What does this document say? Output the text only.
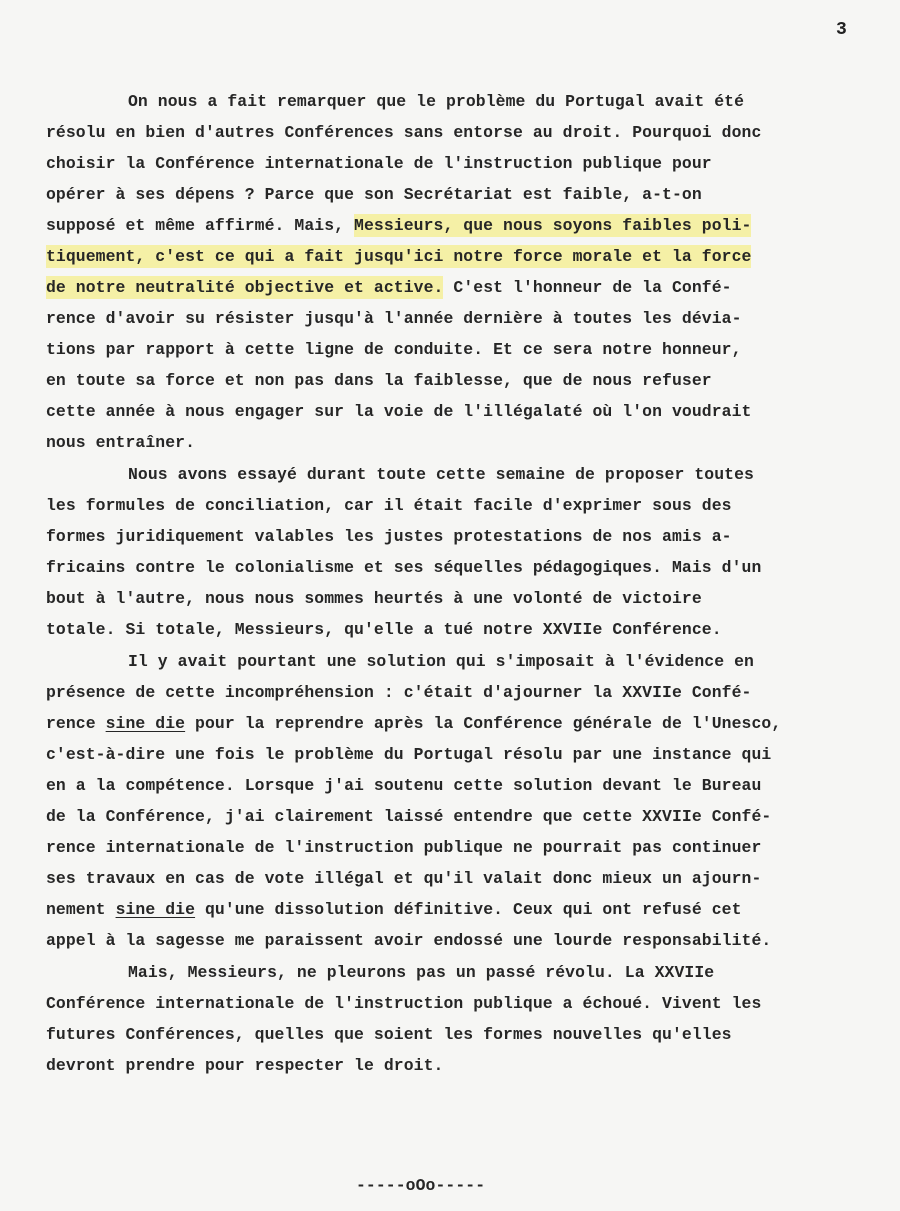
3
On nous a fait remarquer que le problème du Portugal avait été
résolu en bien d'autres Conférences sans entorse au droit. Pourquoi donc
choisir la Conférence internationale de l'instruction publique pour
opérer à ses dépens ? Parce que son Secrétariat est faible, a-t-on
supposé et même affirmé. Mais, Messieurs, que nous soyons faibles poli-
tiquement, c'est ce qui a fait jusqu'ici notre force morale et la force
de notre neutralité objective et active. C'est l'honneur de la Confé-
rence d'avoir su résister jusqu'à l'année dernière à toutes les dévia-
tions par rapport à cette ligne de conduite. Et ce sera notre honneur,
en toute sa force et non pas dans la faiblesse, que de nous refuser
cette année à nous engager sur la voie de l'illégalaté où l'on voudrait
nous entraîner.
Nous avons essayé durant toute cette semaine de proposer toutes
les formules de conciliation, car il était facile d'exprimer sous des
formes juridiquement valables les justes protestations de nos amis a-
fricains contre le colonialisme et ses séquelles pédagogiques. Mais d'un
bout à l'autre, nous nous sommes heurtés à une volonté de victoire
totale. Si totale, Messieurs, qu'elle a tué notre XXVIIe Conférence.
Il y avait pourtant une solution qui s'imposait à l'évidence en
présence de cette incompréhension : c'était d'ajourner la XXVIIe Confé-
rence sine die pour la reprendre après la Conférence générale de l'Unesco,
c'est-à-dire une fois le problème du Portugal résolu par une instance qui
en a la compétence. Lorsque j'ai soutenu cette solution devant le Bureau
de la Conférence, j'ai clairement laissé entendre que cette XXVIIe Confé-
rence internationale de l'instruction publique ne pourrait pas continuer
ses travaux en cas de vote illégal et qu'il valait donc mieux un ajourn-
nement sine die qu'une dissolution définitive. Ceux qui ont refusé cet
appel à la sagesse me paraissent avoir endossé une lourde responsabilité.
Mais, Messieurs, ne pleurons pas un passé révolu. La XXVIIe
Conférence internationale de l'instruction publique a échoué. Vivent les
futures Conférences, quelles que soient les formes nouvelles qu'elles
devront prendre pour respecter le droit.
-----oOo-----
